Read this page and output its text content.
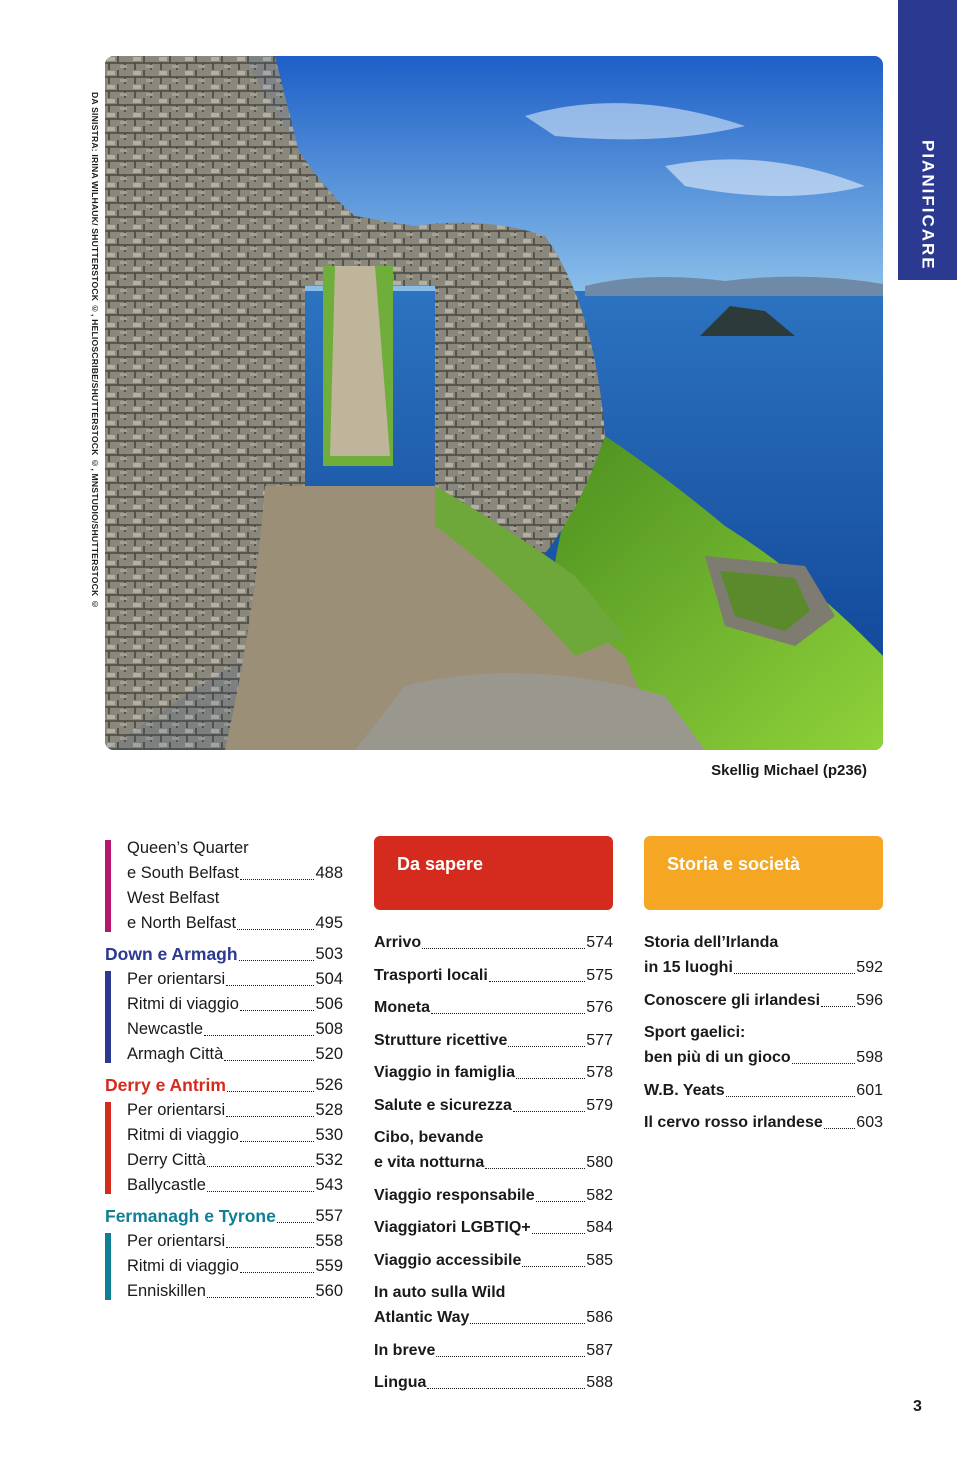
PIANIFICARE
DA SINISTRA: IRINA WILHAUK/ SHUTTERSTOCK ©, HELIOSCRIBE/SHUTTERSTOCK ©, MNSTUDIO/SHUTTERSTOCK ©
Skellig Michael (p236)
Queen’s Quarter
e South Belfast	488
West Belfast
e North Belfast	495
Down e Armagh	503
Per orientarsi	504
Ritmi di viaggio	506
Newcastle	508
Armagh Città	520
Derry e Antrim	526
Per orientarsi	528
Ritmi di viaggio	530
Derry Città	532
Ballycastle	543
Fermanagh e Tyrone 557
Per orientarsi	558
Ritmi di viaggio	559
Enniskillen	560
Da sapere
Arrivo	574
Trasporti locali	575
Moneta	576
Strutture ricettive	577
Viaggio in famiglia	578
Salute e sicurezza	579
Cibo, bevande
e vita notturna	580
Viaggio responsabile	582
Viaggiatori LGBTIQ+	584
Viaggio accessibile	585
In auto sulla Wild
Atlantic Way	586
In breve	587
Lingua	588
Storia e società
Storia dell’Irlanda
in 15 luoghi	592
Conoscere gli irlandesi 596
Sport gaelici:
ben più di un gioco	598
W.B. Yeats	601
Il cervo rosso irlandese 603
3
